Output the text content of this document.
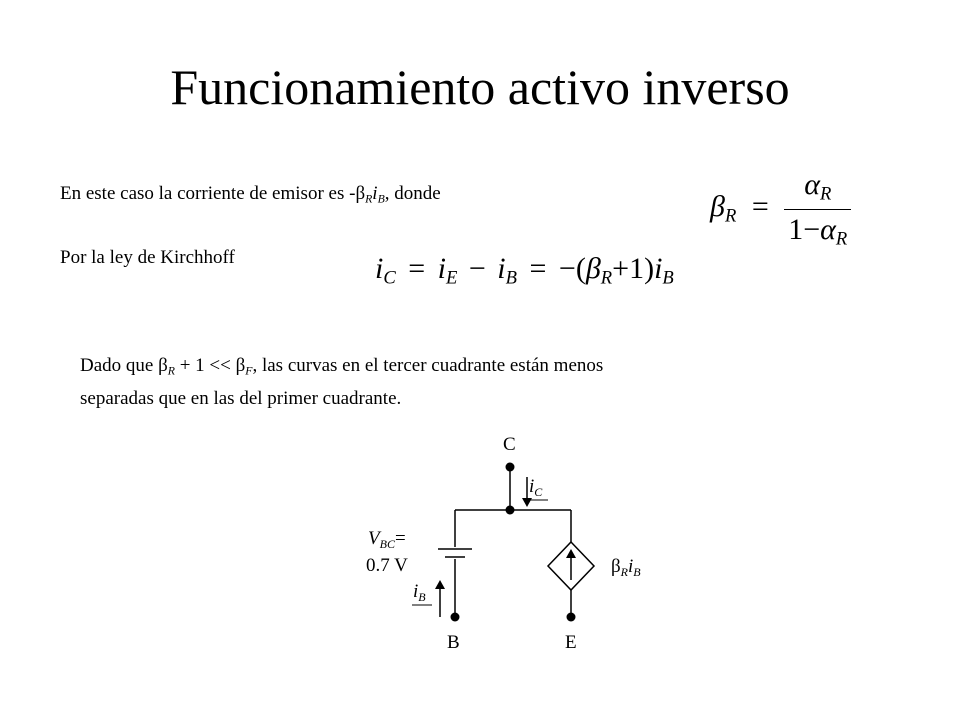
Funcionamiento activo inverso
En este caso la corriente de emisor es $-\beta_Ri_B$, donde	$\beta_R = \frac{\alpha_R}{1-\alpha_R}$
Por la ley de Kirchhoff	$i_C = i_E - i_B = -(\beta_R+1)i_B$
Dado que $\beta_R + 1 << \beta_F$, las curvas en el tercer cuadrante están menos
separadas que en las del primer cuadrante.
C
B	E
$i_C$
$i_B$
$V_{BC}=$
0.7 V	$\beta_Ri_B$
